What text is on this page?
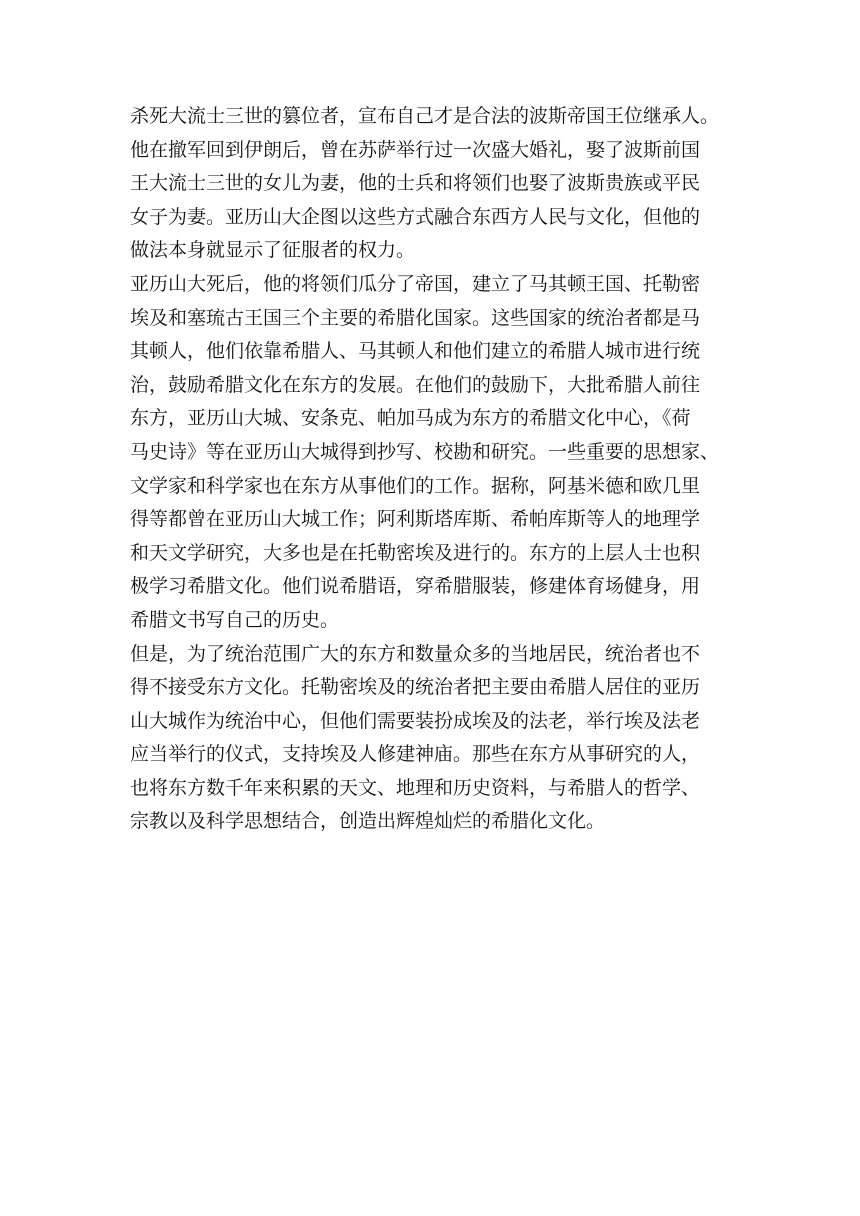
杀死大流士三世的篡位者，宣布自己才是合法的波斯帝国王位继承人。
他在撤军回到伊朗后，曾在苏萨举行过一次盛大婚礼，娶了波斯前国
王大流士三世的女儿为妻，他的士兵和将领们也娶了波斯贵族或平民
女子为妻。亚历山大企图以这些方式融合东西方人民与文化，但他的
做法本身就显示了征服者的权力。
亚历山大死后，他的将领们瓜分了帝国，建立了马其顿王国、托勒密
埃及和塞琉古王国三个主要的希腊化国家。这些国家的统治者都是马
其顿人，他们依靠希腊人、马其顿人和他们建立的希腊人城市进行统
治，鼓励希腊文化在东方的发展。在他们的鼓励下，大批希腊人前往
东方，亚历山大城、安条克、帕加马成为东方的希腊文化中心，《荷
马史诗》等在亚历山大城得到抄写、校勘和研究。一些重要的思想家、
文学家和科学家也在东方从事他们的工作。据称，阿基米德和欧几里
得等都曾在亚历山大城工作；阿利斯塔库斯、希帕库斯等人的地理学
和天文学研究，大多也是在托勒密埃及进行的。东方的上层人士也积
极学习希腊文化。他们说希腊语，穿希腊服装，修建体育场健身，用
希腊文书写自己的历史。
但是，为了统治范围广大的东方和数量众多的当地居民，统治者也不
得不接受东方文化。托勒密埃及的统治者把主要由希腊人居住的亚历
山大城作为统治中心，但他们需要装扮成埃及的法老，举行埃及法老
应当举行的仪式，支持埃及人修建神庙。那些在东方从事研究的人，
也将东方数千年来积累的天文、地理和历史资料，与希腊人的哲学、
宗教以及科学思想结合，创造出辉煌灿烂的希腊化文化。
